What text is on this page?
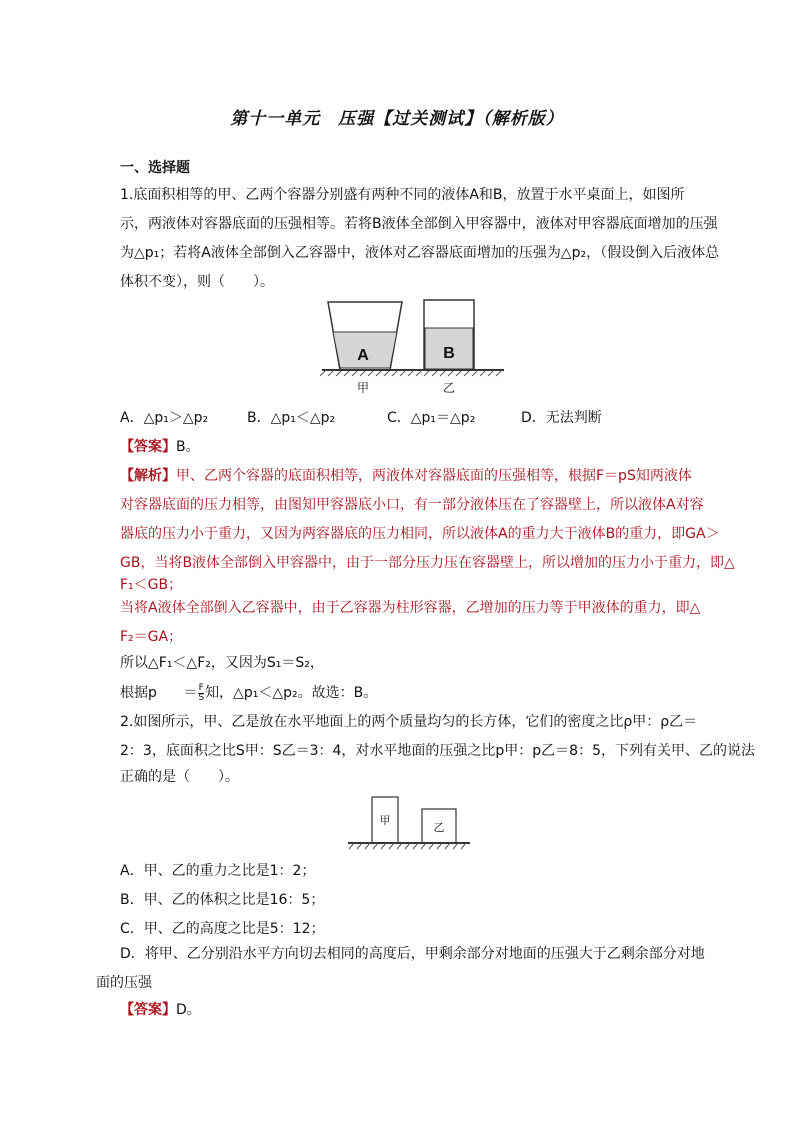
第十一单元　压强【过关测试】（解析版）
一、选择题
1.底面积相等的甲、乙两个容器分别盛有两种不同的液体A和B，放置于水平桌面上，如图所
示，两液体对容器底面的压强相等。若将B液体全部倒入甲容器中，液体对甲容器底面增加的压强
为△p₁；若将A液体全部倒入乙容器中，液体对乙容器底面增加的压强为△p₂，（假设倒入后液体总
体积不变），则（　　）。
A	B
甲	乙
A．△p₁＞△p₂	B．△p₁＜△p₂	C．△p₁＝△p₂	D．无法判断
【答案】B。
【解析】甲、乙两个容器的底面积相等，两液体对容器底面的压强相等，根据F＝pS知两液体
对容器底面的压力相等，由图知甲容器底小口，有一部分液体压在了容器壁上，所以液体A对容
器底的压力小于重力，又因为两容器底的压力相同，所以液体A的重力大于液体B的重力，即GA＞
GB，当将B液体全部倒入甲容器中，由于一部分压力压在容器壁上，所以增加的压力小于重力，即△
F₁＜GB；
当将A液体全部倒入乙容器中，由于乙容器为柱形容器，乙增加的压力等于甲液体的重力，即△
F₂＝GA；
所以△F₁＜△F₂，又因为S₁＝S₂，
根据$p = \frac{F}{S}$ 知，△p₁＜△p₂。故选：B。
2.如图所示，甲、乙是放在水平地面上的两个质量均匀的长方体，它们的密度之比ρ甲：ρ乙＝
2：3，底面积之比S甲：S乙＝3：4，对水平地面的压强之比p甲：p乙＝8：5，下列有关甲、乙的说法
正确的是（　　）。
甲
乙
A．甲、乙的重力之比是1：2；
B．甲、乙的体积之比是16：5；
C．甲、乙的高度之比是5：12；
D．将甲、乙分别沿水平方向切去相同的高度后，甲剩余部分对地面的压强大于乙剩余部分对地
面的压强
【答案】D。
